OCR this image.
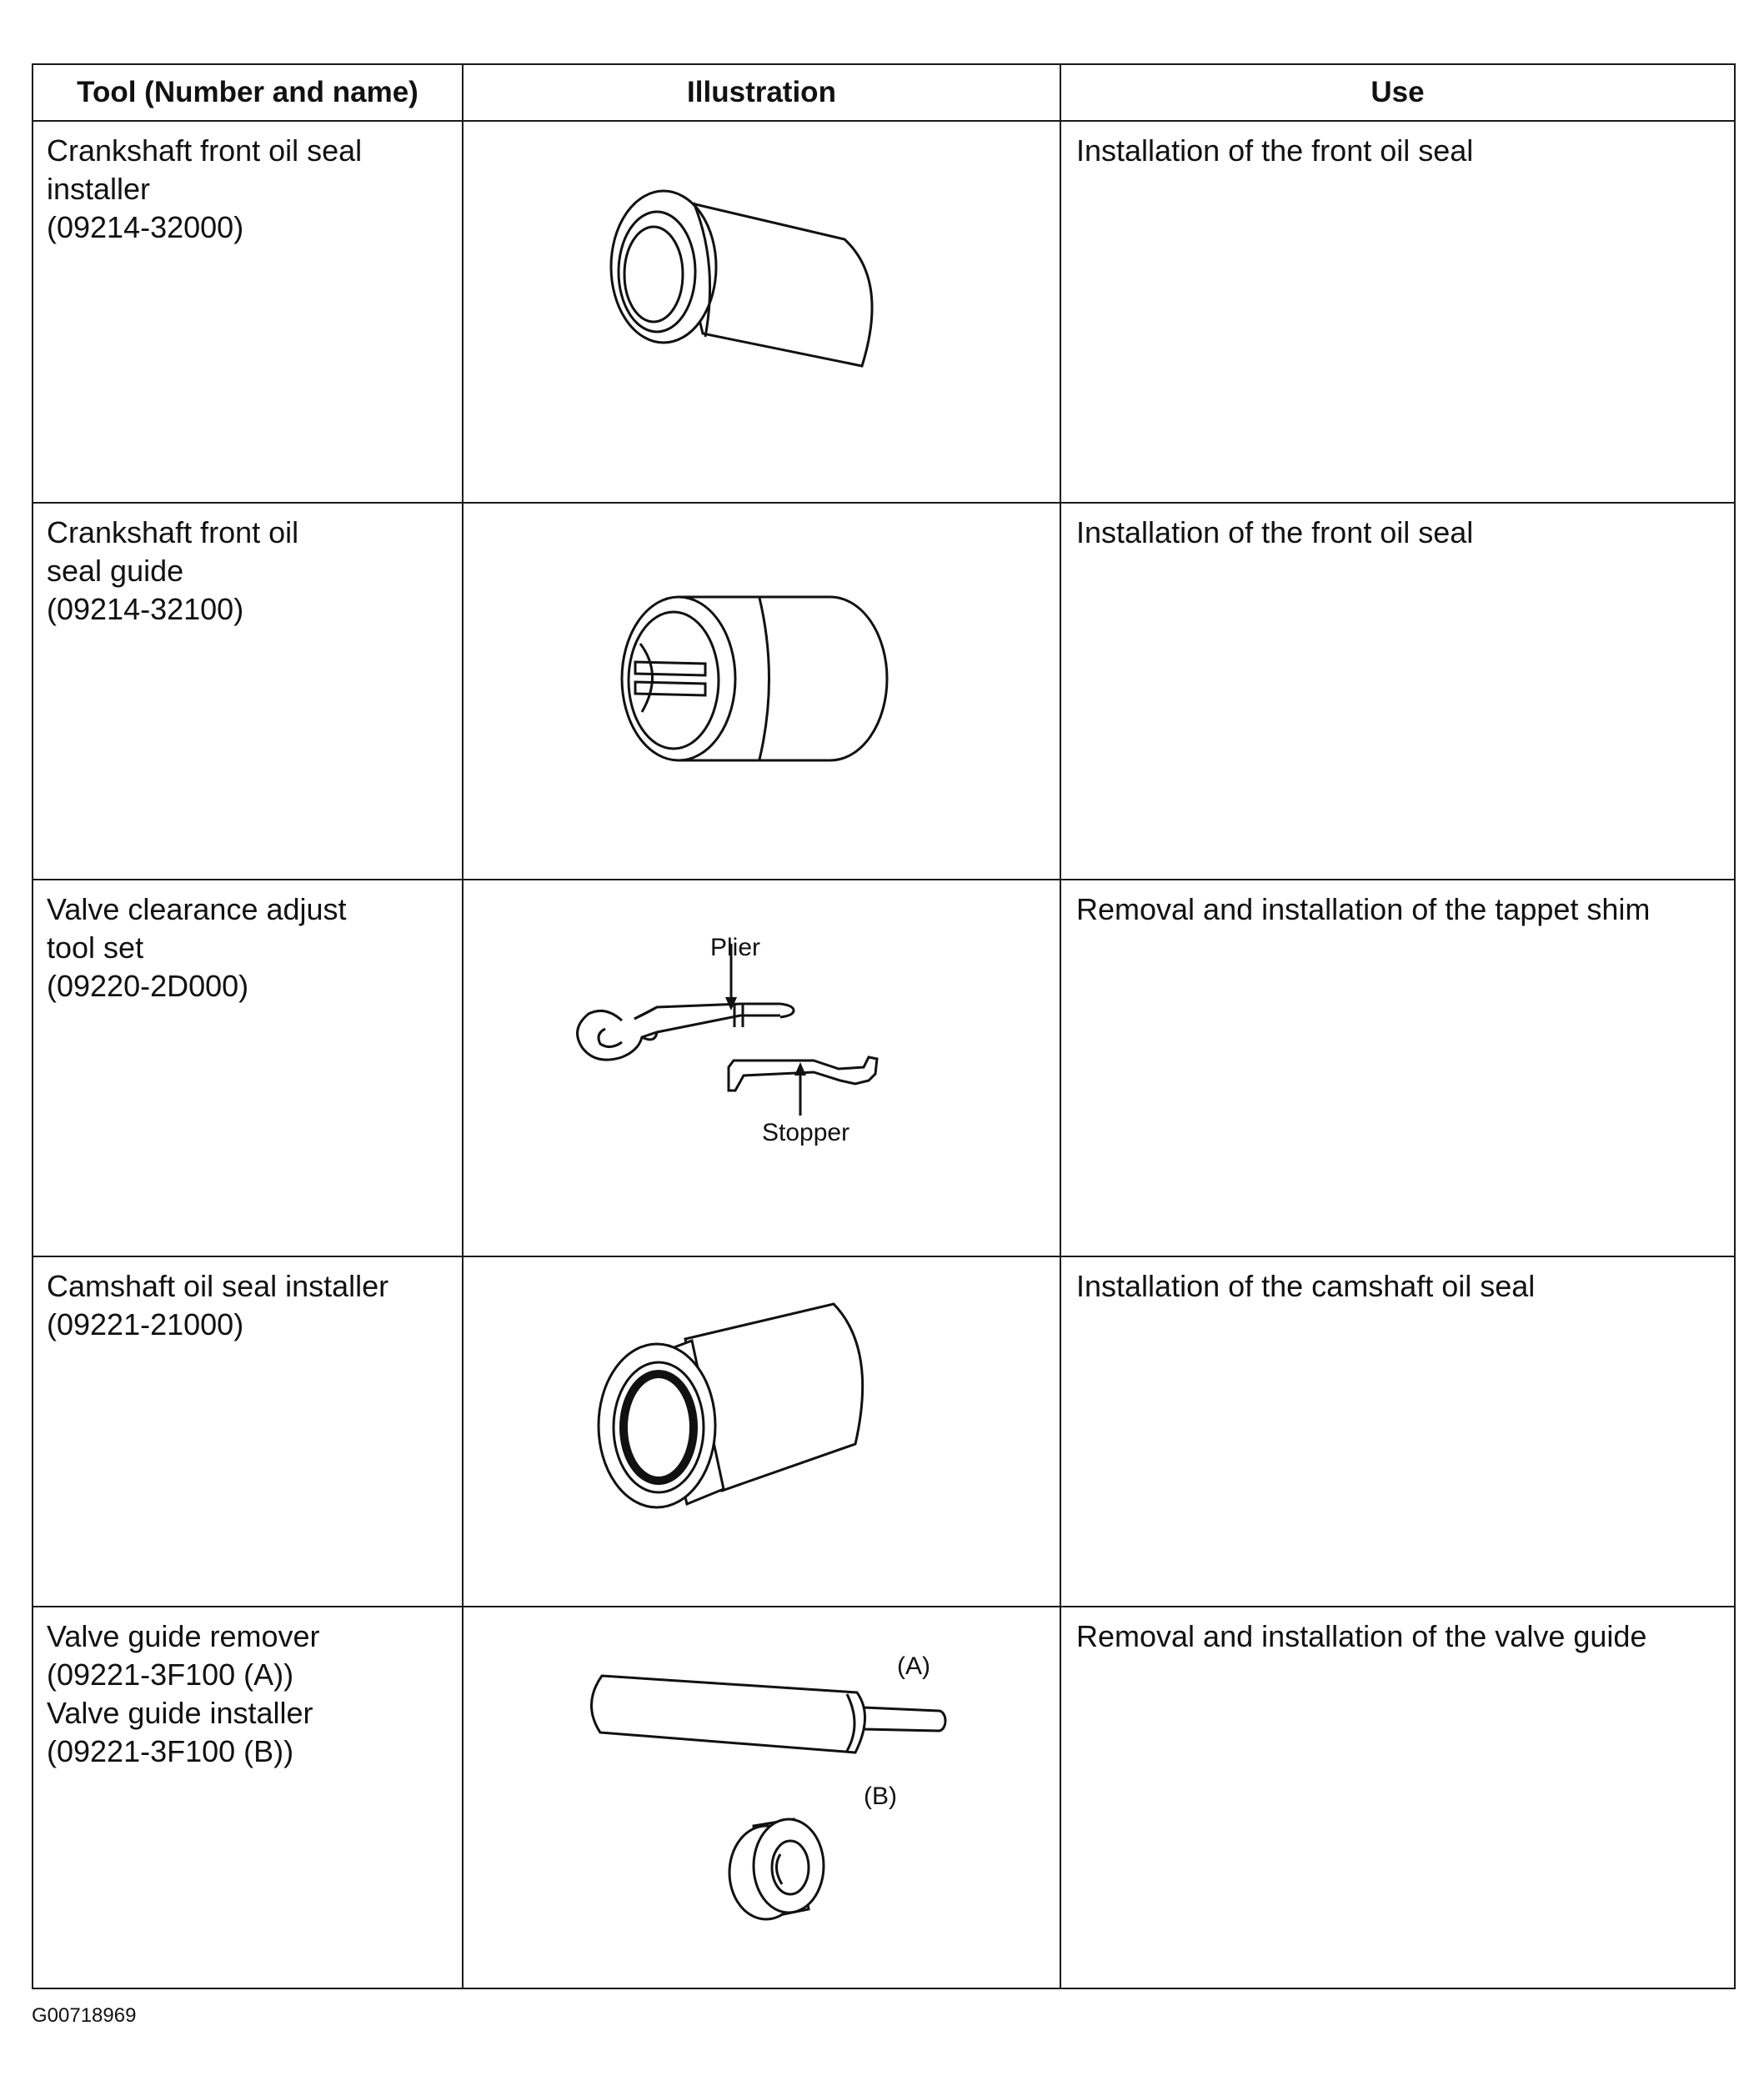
Tool (Number and name)	Illustration	Use

Crankshaft front oil seal
installer
(09214-32000)		Installation of the front oil seal

Crankshaft front oil
seal guide
(09214-32100)		Installation of the front oil seal

Valve clearance adjust
tool set
(09220-2D000)	Plier
Stopper	Removal and installation of the tappet shim

Camshaft oil seal installer
(09221-21000)		Installation of the camshaft oil seal

Valve guide remover
(09221-3F100 (A))
Valve guide installer
(09221-3F100 (B))	(A)
(B)	Removal and installation of the valve guide
G00718969
